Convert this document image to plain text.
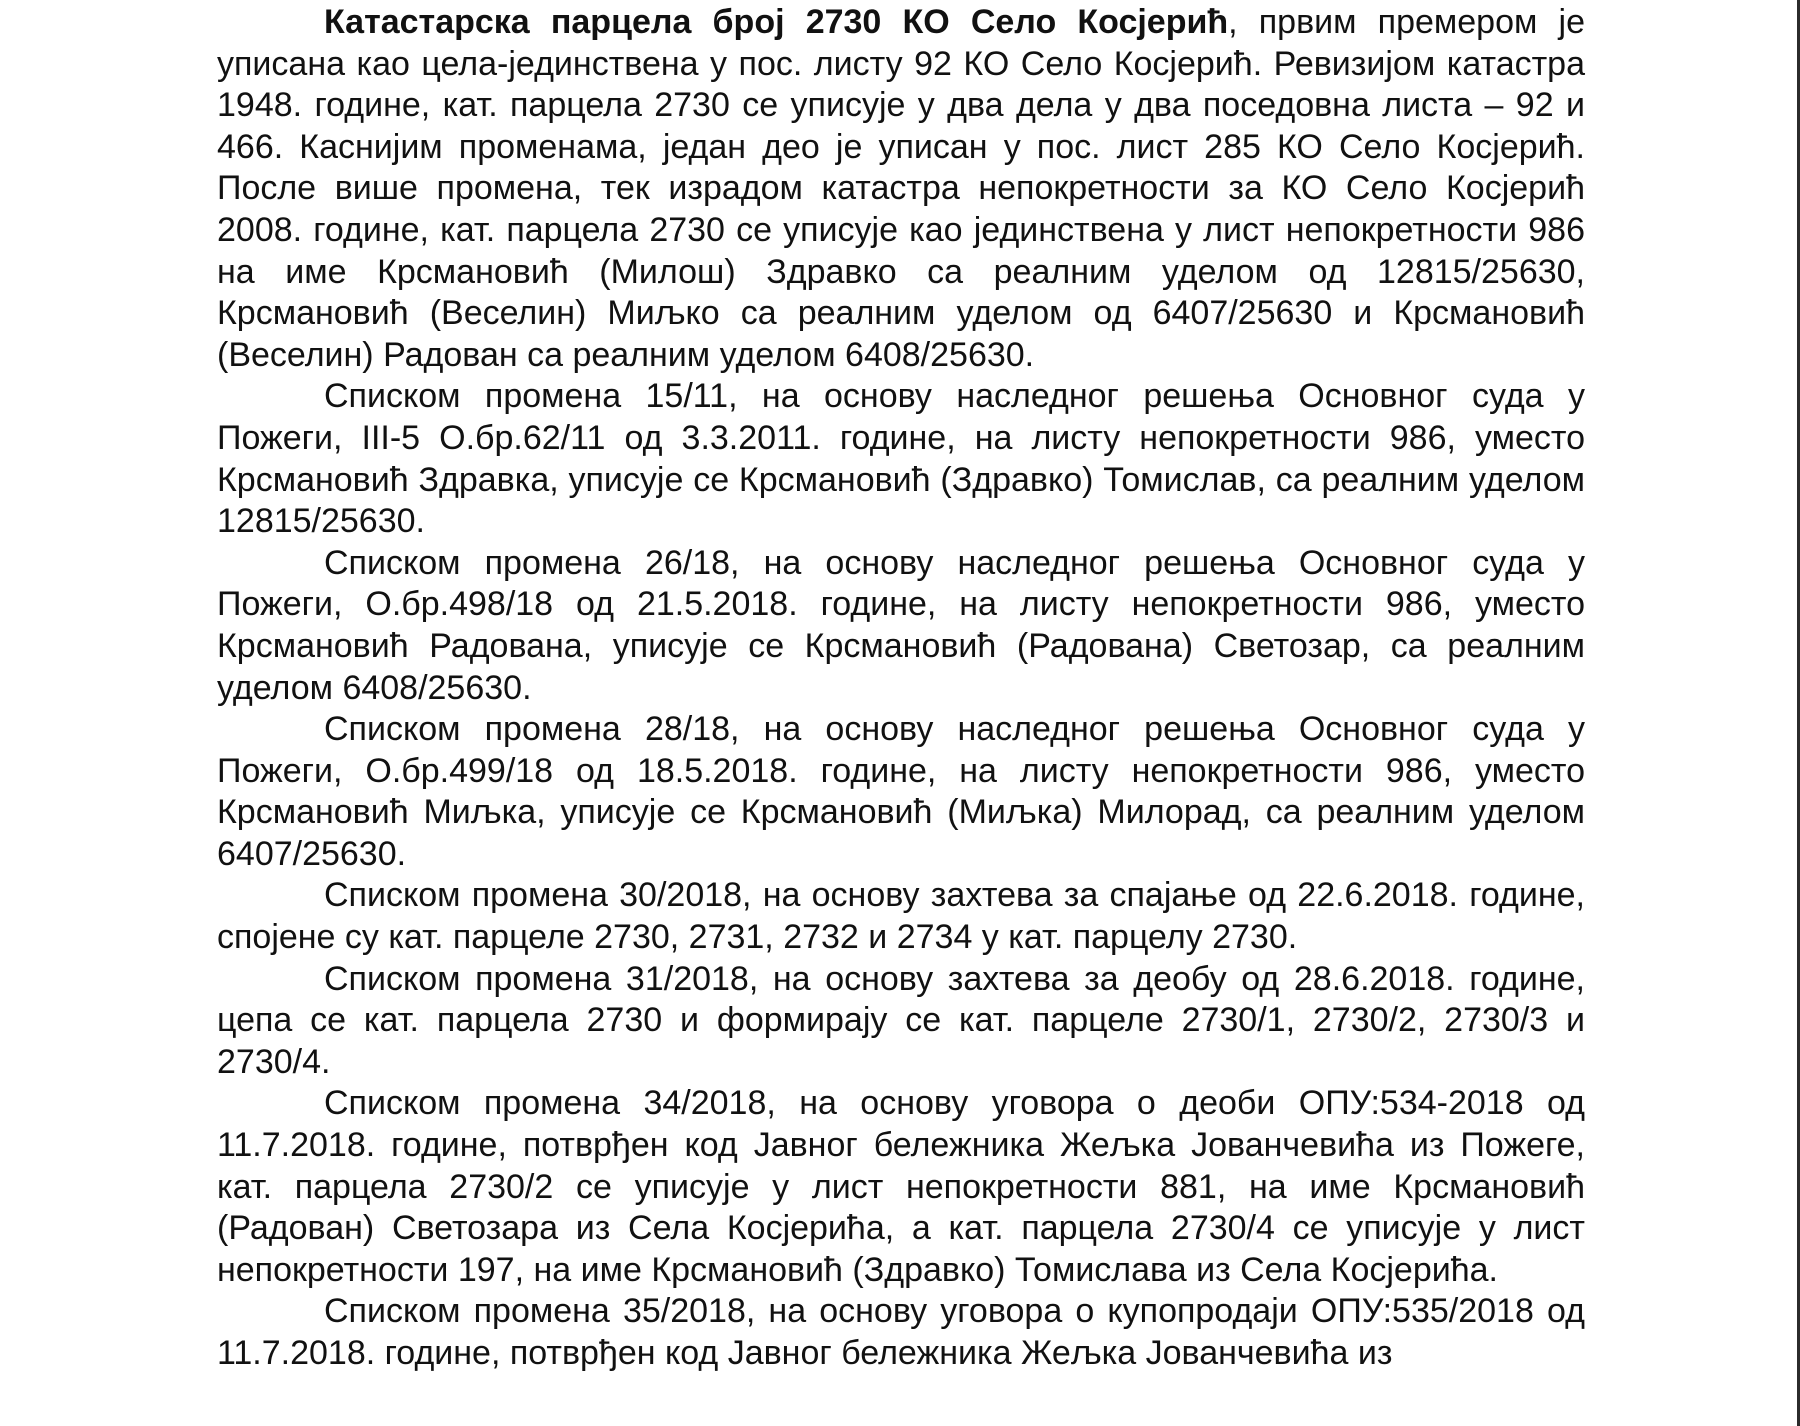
Катастарска парцела број 2730 КО Село Косјерић, првим премером је уписана као цела-јединствена у пос. листу 92 КО Село Косјерић. Ревизијом катастра 1948. године, кат. парцела 2730 се уписује у два дела у два поседовна листа – 92 и 466. Каснијим променама, један део је уписан у пос. лист 285 КО Село Косјерић. После више промена, тек израдом катастра непокретности за КО Село Косјерић 2008. године, кат. парцела 2730 се уписује као јединствена у лист непокретности 986 на име Крсмановић (Милош) Здравко са реалним уделом од 12815/25630, Крсмановић (Веселин) Миљко са реалним уделом од 6407/25630 и Крсмановић (Веселин) Радован са реалним уделом 6408/25630.

Списком промена 15/11, на основу наследног решења Основног суда у Пожеги, III-5 О.бр.62/11 од 3.3.2011. године, на листу непокретности 986, уместо Крсмановић Здравка, уписује се Крсмановић (Здравко) Томислав, са реалним уделом 12815/25630.

Списком промена 26/18, на основу наследног решења Основног суда у Пожеги, О.бр.498/18 од 21.5.2018. године, на листу непокретности 986, уместо Крсмановић Радована, уписује се Крсмановић (Радована) Светозар, са реалним уделом 6408/25630.

Списком промена 28/18, на основу наследног решења Основног суда у Пожеги, О.бр.499/18 од 18.5.2018. године, на листу непокретности 986, уместо Крсмановић Миљка, уписује се Крсмановић (Миљка) Милорад, са реалним уделом 6407/25630.

Списком промена 30/2018, на основу захтева за спајање од 22.6.2018. године, спојене су кат. парцеле 2730, 2731, 2732 и 2734 у кат. парцелу 2730.

Списком промена 31/2018, на основу захтева за деобу од 28.6.2018. године, цепа се кат. парцела 2730 и формирају се кат. парцеле 2730/1, 2730/2, 2730/3 и 2730/4.

Списком промена 34/2018, на основу уговора о деоби ОПУ:534-2018 од 11.7.2018. године, потврђен код Јавног бележника Жељка Јованчевића из Пожеге, кат. парцела 2730/2 се уписује у лист непокретности 881, на име Крсмановић (Радован) Светозара из Села Косјерића, а кат. парцела 2730/4 се уписује у лист непокретности 197, на име Крсмановић (Здравко) Томислава из Села Косјерића.

Списком промена 35/2018, на основу уговора о купопродаји ОПУ:535/2018 од 11.7.2018. године, потврђен код Јавног бележника Жељка Јованчевића из
